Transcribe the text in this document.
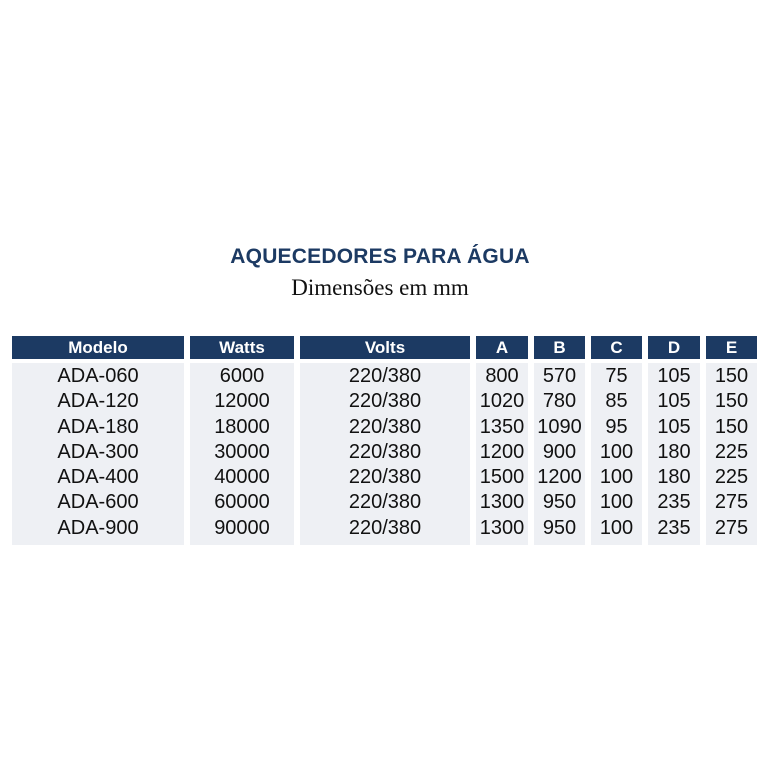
AQUECEDORES PARA ÁGUA
Dimensões em mm
Modelo
ADA-060
ADA-120
ADA-180
ADA-300
ADA-400
ADA-600
ADA-900
Watts
6000
12000
18000
30000
40000
60000
90000
Volts
220/380
220/380
220/380
220/380
220/380
220/380
220/380
A
800
1020
1350
1200
1500
1300
1300
B
570
780
1090
900
1200
950
950
C
75
85
95
100
100
100
100
D
105
105
105
180
180
235
235
E
150
150
150
225
225
275
275
